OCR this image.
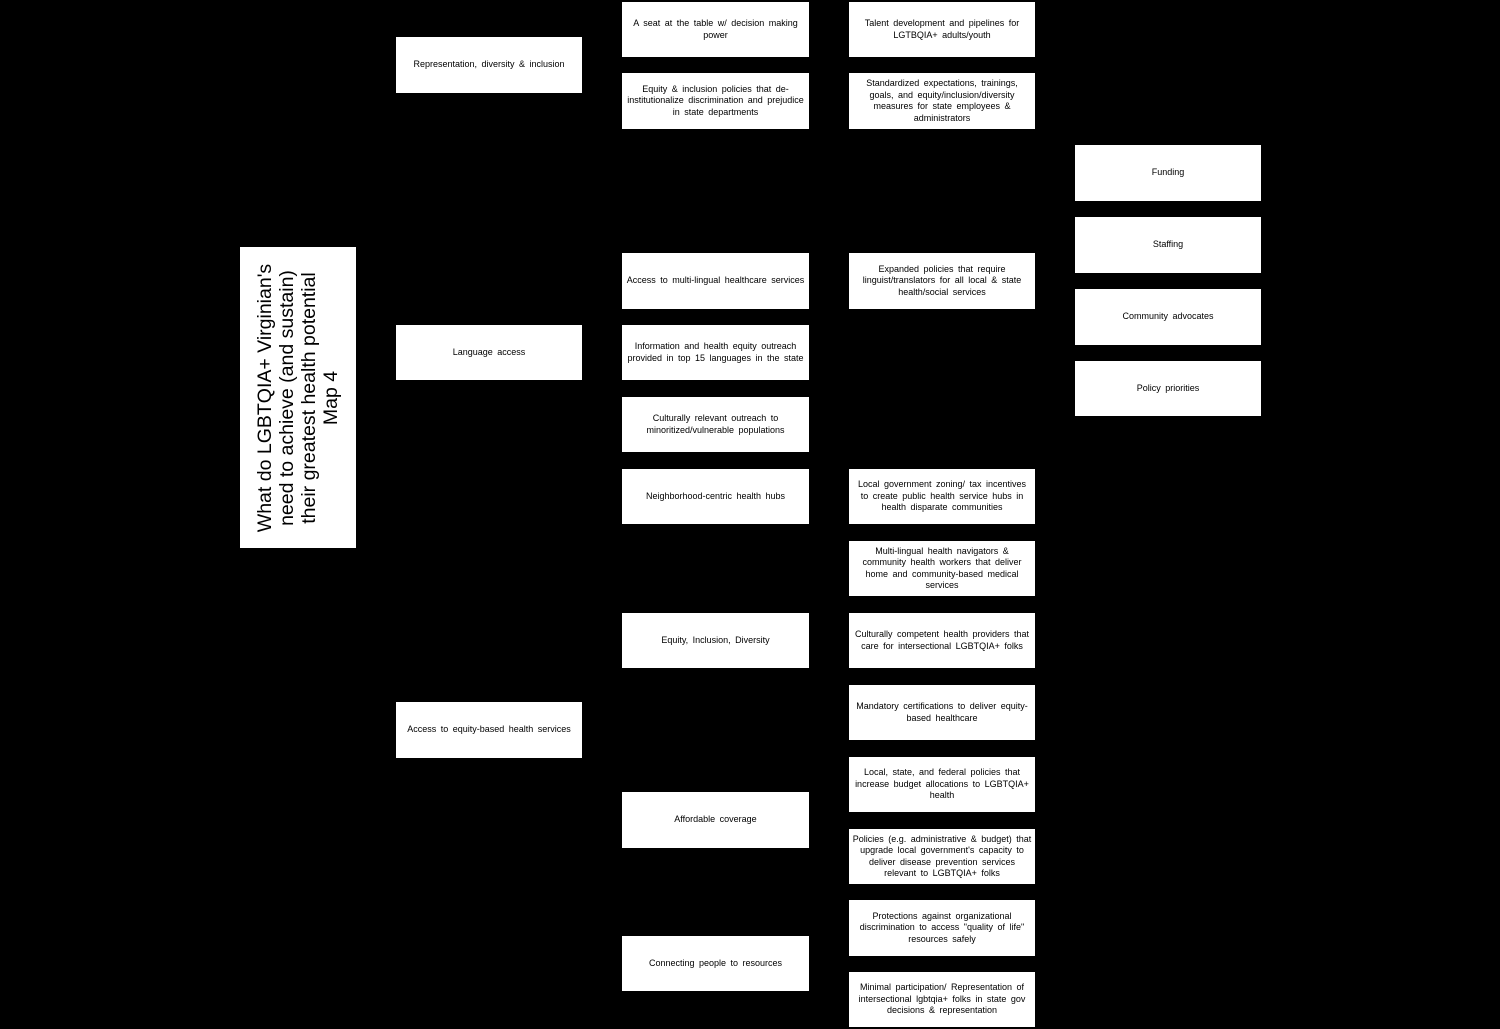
What do LGBTQIA+ Virginian's need to achieve (and sustain) their greatest health potential Map 4
Representation, diversity & inclusion
Language access
Access to equity-based health services
A seat at the table w/ decision making power
Equity & inclusion policies that de-institutionalize discrimination and prejudice in state departments
Access to multi-lingual healthcare services
Information and health equity outreach provided in top 15 languages in the state
Culturally relevant outreach to minoritized/vulnerable populations
Neighborhood-centric health hubs
Equity, Inclusion, Diversity
Affordable coverage
Connecting people to resources
Talent development and pipelines for LGTBQIA+ adults/youth
Standardized expectations, trainings, goals, and equity/inclusion/diversity measures for state employees & administrators
Expanded policies that require linguist/translators for all local & state health/social services
Local government zoning/ tax incentives to create public health service hubs in health disparate communities
Multi-lingual health navigators & community health workers that deliver home and community-based medical services
Culturally competent health providers that care for intersectional LGBTQIA+ folks
Mandatory certifications to deliver equity-based healthcare
Local, state, and federal policies that increase budget allocations to LGBTQIA+ health
Policies (e.g. administrative & budget) that upgrade local government's capacity to deliver disease prevention services relevant to LGBTQIA+ folks
Protections against organizational discrimination to access "quality of life" resources safely
Minimal participation/ Representation of intersectional lgbtqia+ folks in state gov decisions & representation
Funding
Staffing
Community advocates
Policy priorities
